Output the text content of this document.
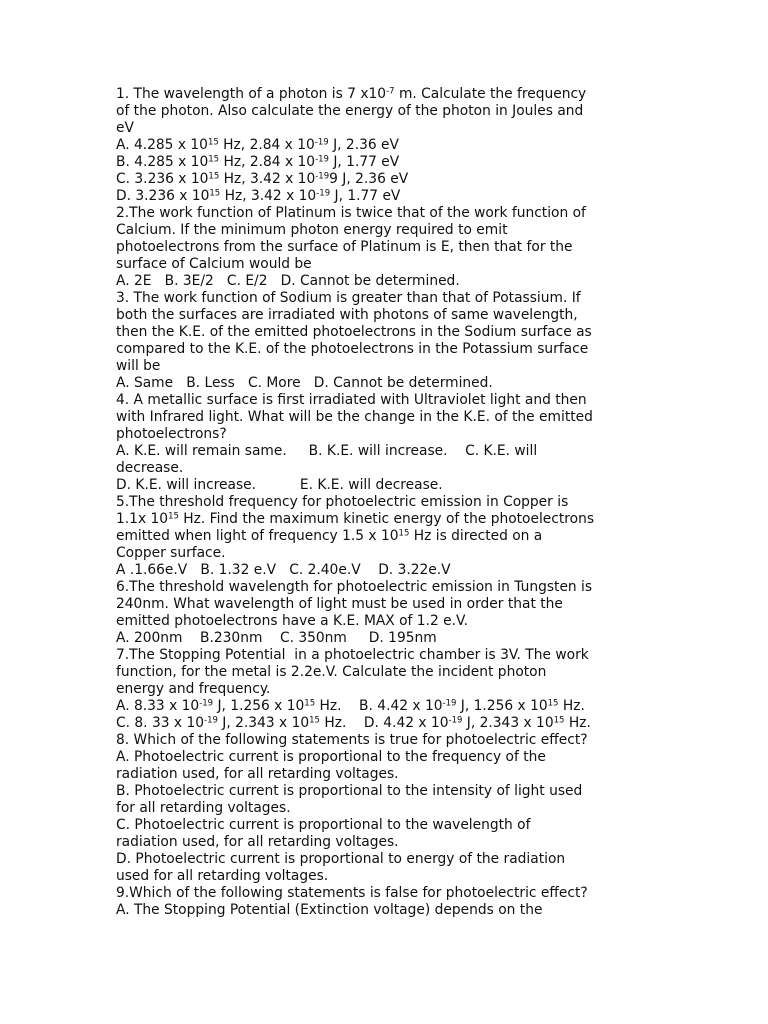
1. The wavelength of a photon is 7 $x10^{-7}$ m. Calculate the frequency
of the photon. Also calculate the energy of the photon in Joules and
eV
A. 4.285 x $10^{15}$ Hz, 2.84 x $10^{-19}$ J, 2.36 eV
B. 4.285 x $10^{15}$ Hz, 2.84 x $10^{-19}$ J, 1.77 eV
C. 3.236 x $10^{15}$ Hz, 3.42 x $10^{-19}9$ J, 2.36 eV
D. 3.236 x $10^{15}$ Hz, 3.42 x $10^{-19}$ J, 1.77 eV
2.The work function of Platinum is twice that of the work function of
Calcium. If the minimum photon energy required to emit
photoelectrons from the surface of Platinum is E, then that for the
surface of Calcium would be
A. 2E   B. 3E/2   C. E/2   D. Cannot be determined.
3. The work function of Sodium is greater than that of Potassium. If
both the surfaces are irradiated with photons of same wavelength,
then the K.E. of the emitted photoelectrons in the Sodium surface as
compared to the K.E. of the photoelectrons in the Potassium surface
will be
A. Same   B. Less   C. More   D. Cannot be determined.
4. A metallic surface is first irradiated with Ultraviolet light and then
with Infrared light. What will be the change in the K.E. of the emitted
photoelectrons?
A. K.E. will remain same.     B. K.E. will increase.    C. K.E. will
decrease.
D. K.E. will increase.          E. K.E. will decrease.
5.The threshold frequency for photoelectric emission in Copper is
1.1x $10^{15}$ Hz. Find the maximum kinetic energy of the photoelectrons
emitted when light of frequency 1.5 x $10^{15}$ Hz is directed on a
Copper surface.
A .1.66e.V   B. 1.32 e.V   C. 2.40e.V    D. 3.22e.V
6.The threshold wavelength for photoelectric emission in Tungsten is
240nm. What wavelength of light must be used in order that the
emitted photoelectrons have a K.E. MAX of 1.2 e.V.
A. 200nm    B.230nm    C. 350nm     D. 195nm
7.The Stopping Potential  in a photoelectric chamber is 3V. The work
function, for the metal is 2.2e.V. Calculate the incident photon
energy and frequency.
A. 8.33 x $10^{-19}$ J, 1.256 x $10^{15}$ Hz.    B. 4.42 x $10^{-19}$ J, 1.256 x $10^{15}$ Hz.
C. 8. 33 x $10^{-19}$ J, 2.343 x $10^{15}$ Hz.    D. 4.42 x $10^{-19}$ J, 2.343 x $10^{15}$ Hz.
8. Which of the following statements is true for photoelectric effect?
A. Photoelectric current is proportional to the frequency of the
radiation used, for all retarding voltages.
B. Photoelectric current is proportional to the intensity of light used
for all retarding voltages.
C. Photoelectric current is proportional to the wavelength of
radiation used, for all retarding voltages.
D. Photoelectric current is proportional to energy of the radiation
used for all retarding voltages.
9.Which of the following statements is false for photoelectric effect?
A. The Stopping Potential (Extinction voltage) depends on the
